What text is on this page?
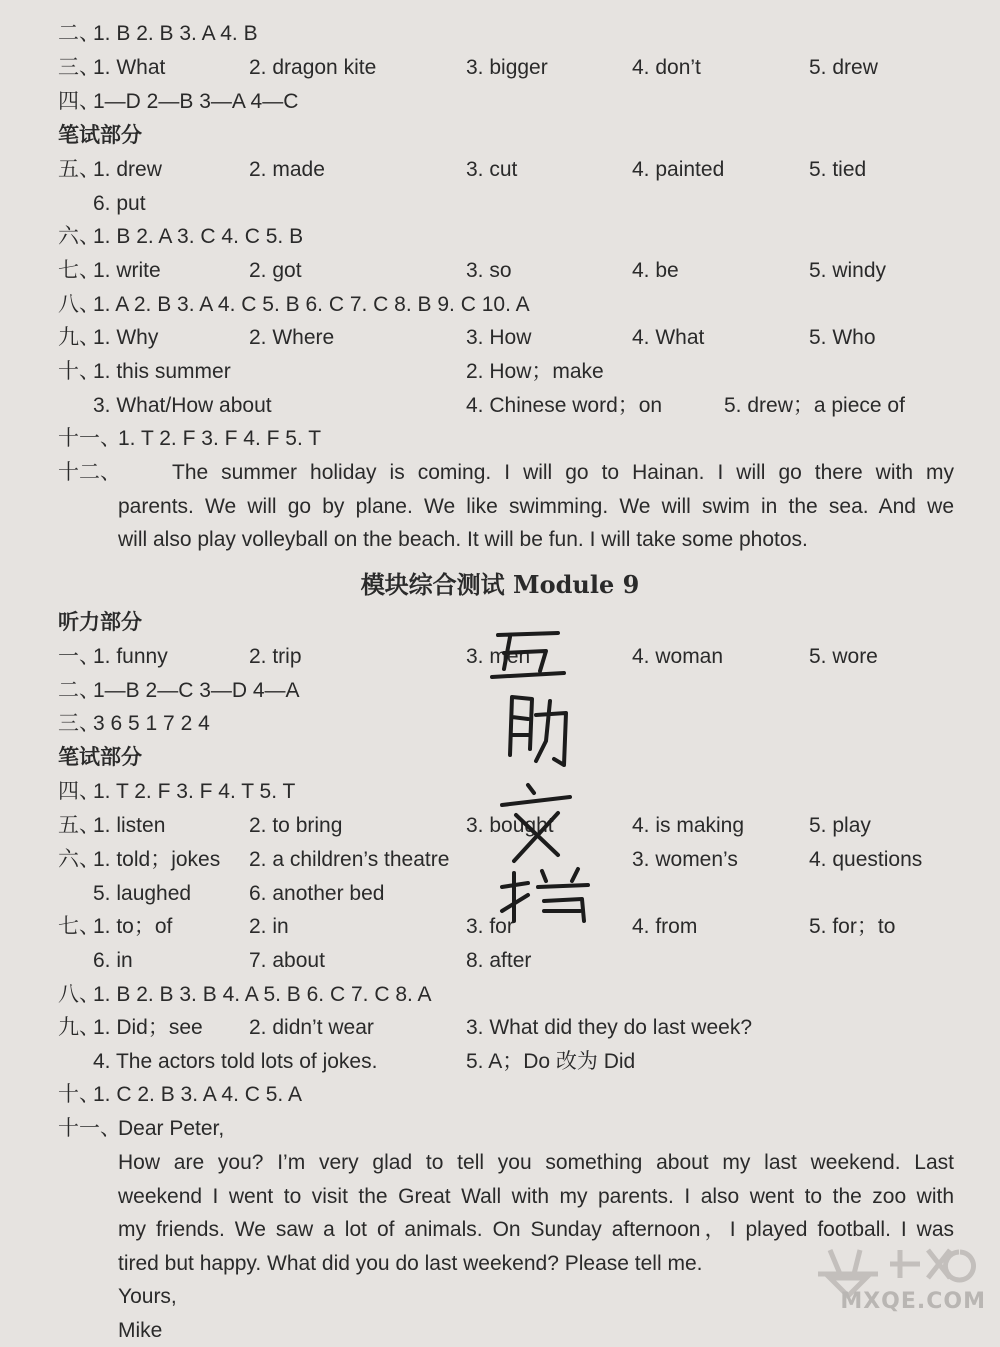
二、
1. B 2. B 3. A 4. B
三、
1. What	2. dragon kite	3. bigger	4. don’t	5. drew
四、
1—D 2—B 3—A 4—C
笔试部分
五、
1. drew	2. made	3. cut	4. painted	5. tied
6. put
六、
1. B 2. A 3. C 4. C 5. B
七、
1. write	2. got	3. so	4. be	5. windy
八、
1. A 2. B 3. A 4. C 5. B 6. C 7. C 8. B 9. C 10. A
九、
1. Why	2. Where	3. How	4. What	5. Who
十、
1. this summer	2. How；make
3. What/How about	4. Chinese word；on	5. drew；a piece of
十一、
1. T 2. F 3. F 4. F 5. T
十二、	The summer holiday is coming. I will go to Hainan. I will go there with my
parents. We will go by plane. We like swimming. We will swim in the sea. And we
will also play volleyball on the beach. It will be fun. I will take some photos.
模块综合测试 Module 9
听力部分
一、
1. funny	2. trip	3. men	4. woman	5. wore
二、
1—B 2—C 3—D 4—A
三、
3 6 5 1 7 2 4
笔试部分
四、
1. T 2. F 3. F 4. T 5. T
五、
1. listen	2. to bring	3. bought	4. is making	5. play
六、
1. told；jokes 2. a children’s theatre	3. women’s	4. questions
5. laughed	6. another bed
七、
1. to；of	2. in	3. for	4. from	5. for；to
6. in	7. about	8. after
八、
1. B 2. B 3. B 4. A 5. B 6. C 7. C 8. A
九、
1. Did；see 2. didn’t wear	3. What did they do last week?
4. The actors told lots of jokes.	5. A；Do 改为 Did
十、
1. C 2. B 3. A 4. C 5. A
十一、
Dear Peter,
How are you? I’m very glad to tell you something about my last weekend. Last
weekend I went to visit the Great Wall with my parents. I also went to the zoo with
my friends. We saw a lot of animals. On Sunday afternoon，I played football. I was
tired but happy. What did you do last weekend? Please tell me.
Yours,
Mike
MXQE.COM
